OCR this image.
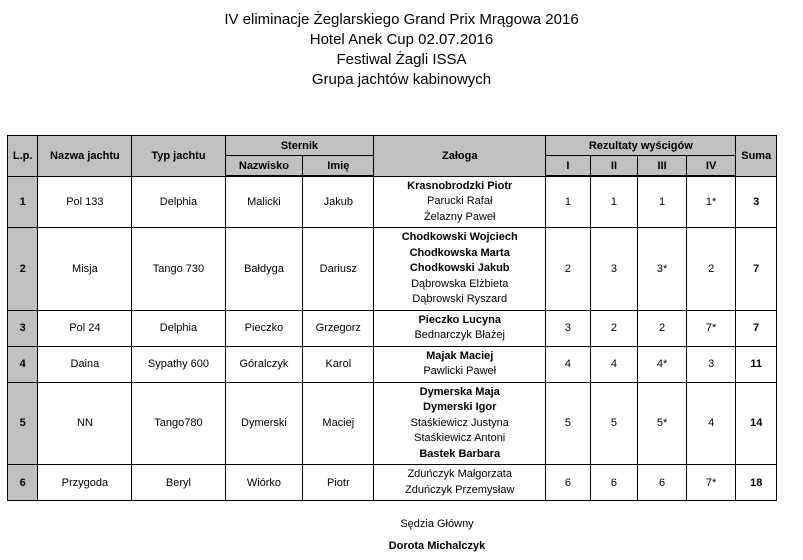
IV eliminacje Żeglarskiego Grand Prix Mrągowa 2016
Hotel Anek Cup 02.07.2016
Festiwal Żagli ISSA
Grupa jachtów kabinowych
L.p.	Nazwa jachtu	Typ jachtu	Sternik		Załoga	Rezultaty wyścigów				Suma
			Nazwisko	Imię		I	II	III	IV	
1	Pol 133	Delphia	Malicki	Jakub	Krasnobrodzki Piotr
Parucki Rafał
Żelazny Paweł	1	1	1	1*	3
2	Misja	Tango 730	Bałdyga	Dariusz	Chodkowski Wojciech
Chodkowska Marta
Chodkowski Jakub
Dąbrowska Elżbieta
Dąbrowski Ryszard	2	3	3*	2	7
3	Pol 24	Delphia	Pieczko	Grzegorz	Pieczko Lucyna
Bednarczyk Błażej	3	2	2	7*	7
4	Daina	Sypathy 600	Góralczyk	Karol	Majak Maciej
Pawlicki Paweł	4	4	4*	3	11
5	NN	Tango780	Dymerski	Maciej	Dymerska Maja
Dymerski Igor
Staśkiewicz Justyna
Staśkiewicz Antoni
Bastek Barbara	5	5	5*	4	14
6	Przygoda	Beryl	Wiórko	Piotr	Zduńczyk Małgorzata
Zduńczyk Przemysław	6	6	6	7*	18
Sędzia Główny
Dorota Michalczyk
